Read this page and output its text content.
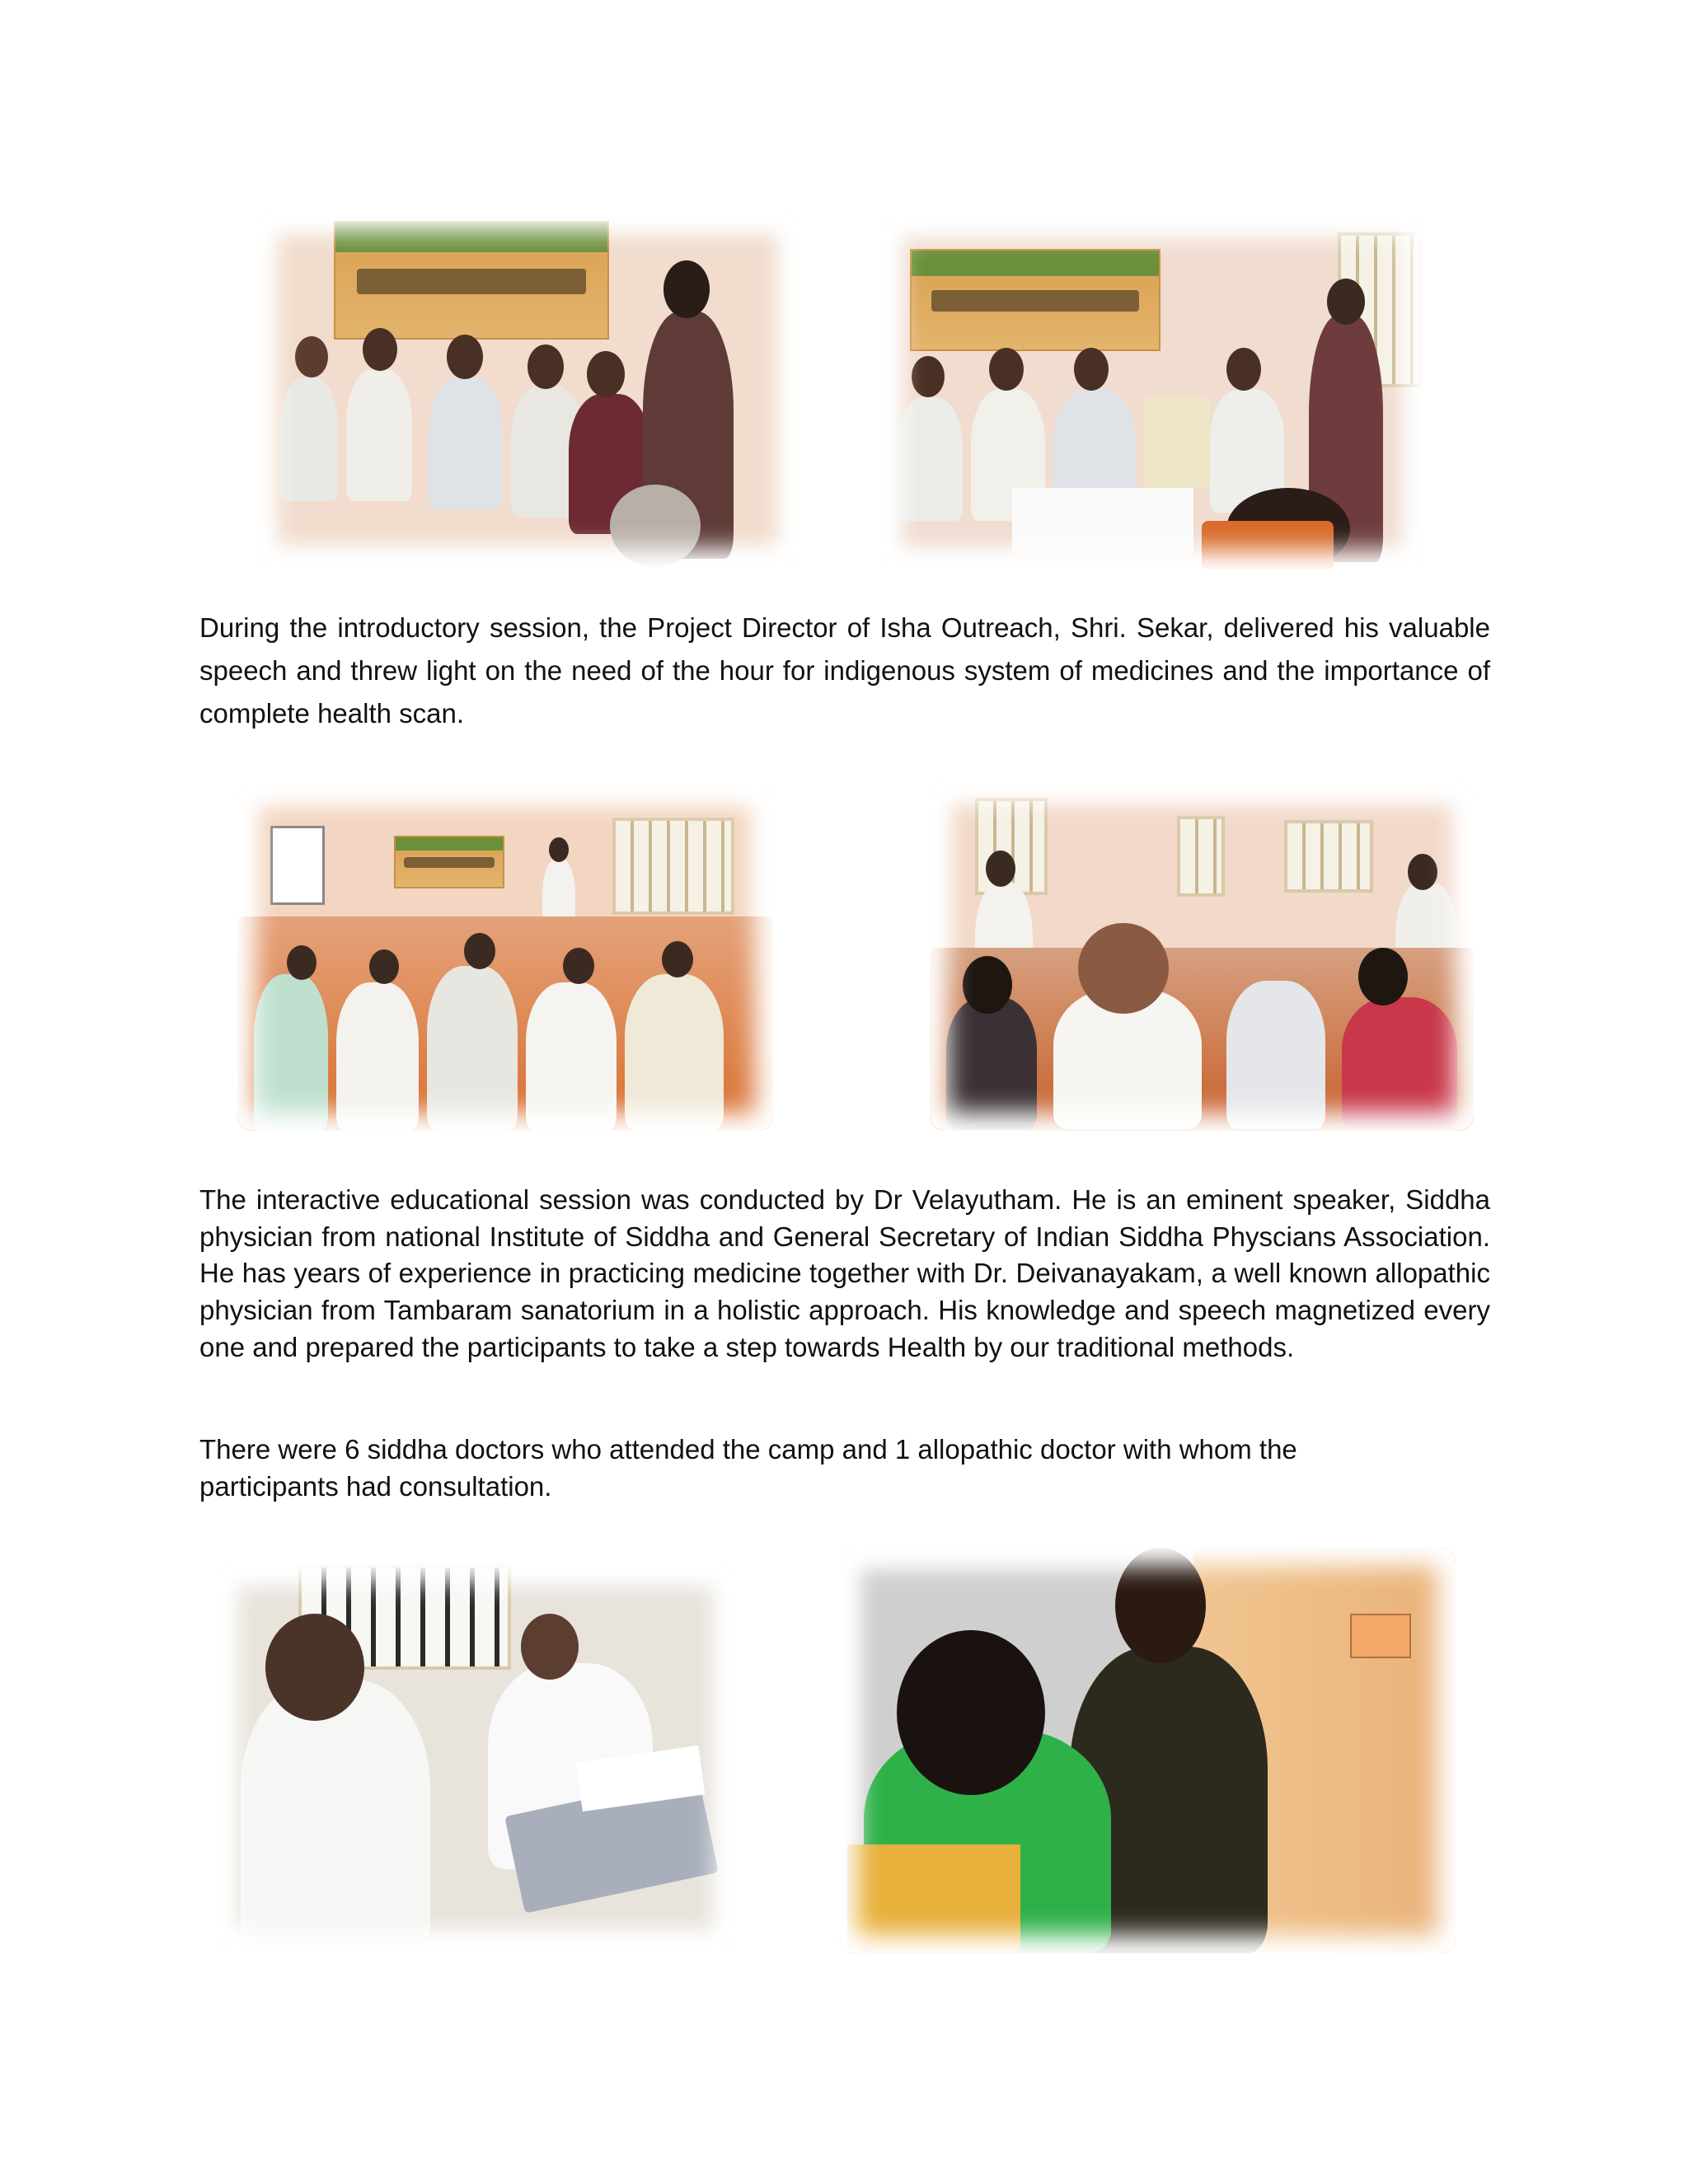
During the introductory session, the Project Director of Isha Outreach, Shri. Sekar, delivered his valuable speech and threw light on the need of the hour for indigenous system of medicines and the importance of complete health scan.

The interactive educational session was conducted by Dr Velayutham. He is an eminent speaker, Siddha physician from national Institute of Siddha and General Secretary of Indian Siddha Physcians Association. He has years of experience in practicing medicine together with Dr. Deivanayakam, a well known allopathic physician from Tambaram sanatorium in a holistic approach. His knowledge and speech magnetized every one and prepared the participants to take a step towards Health by our traditional methods.

There were 6 siddha doctors who attended the camp and 1 allopathic doctor with whom the participants had consultation.
